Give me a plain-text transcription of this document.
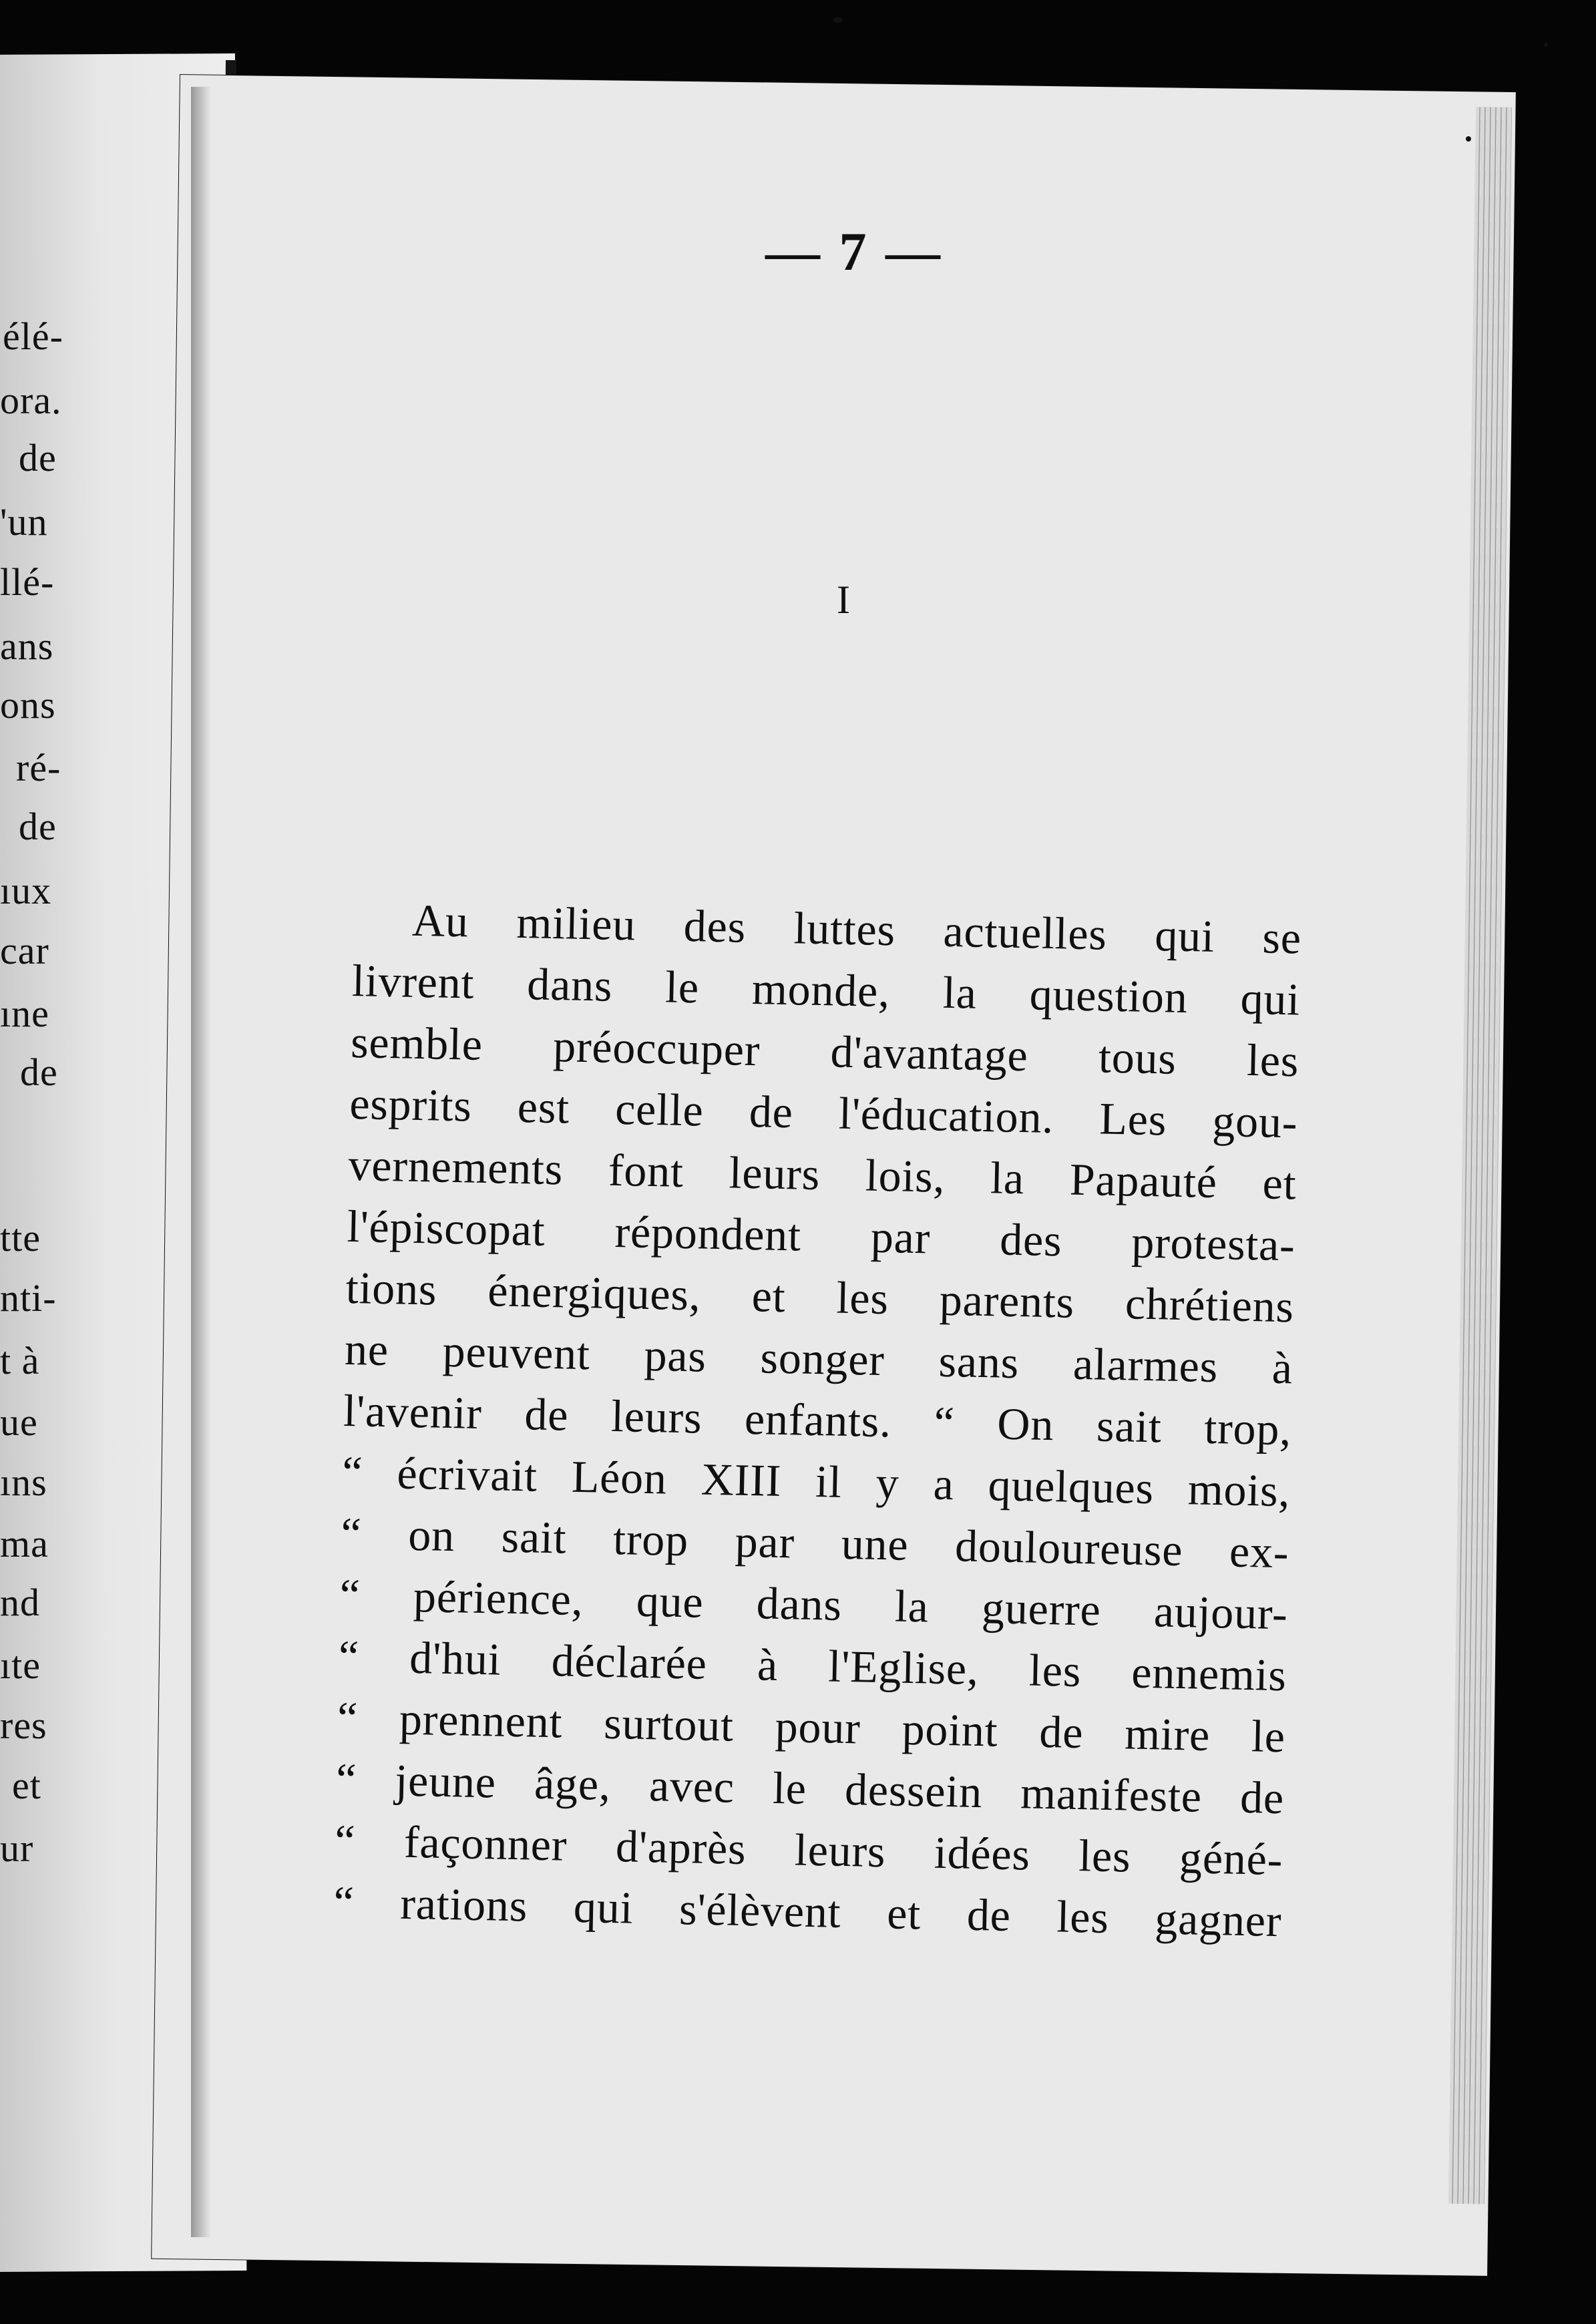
élé-
ora.
de
'un
llé-
ans
ons
ré-
de
ıux
car
ıne
de
tte
nti-
t à
ue
ıns
ma
nd
ıte
res
et
ur
— 7 —
I
Au milieu des luttes actuelles qui se
livrent dans le monde, la question qui
semble préoccuper d'avantage tous les
esprits est celle de l'éducation. Les gou-
vernements font leurs lois, la Papauté et
l'épiscopat répondent par des protesta-
tions énergiques, et les parents chrétiens
ne peuvent pas songer sans alarmes à
l'avenir de leurs enfants. “ On sait trop,
“ écrivait Léon XIII il y a quelques mois,
“ on sait trop par une douloureuse ex-
“ périence, que dans la guerre aujour-
“ d'hui déclarée à l'Eglise, les ennemis
“ prennent surtout pour point de mire le
“ jeune âge, avec le dessein manifeste de
“ façonner d'après leurs idées les géné-
“ rations qui s'élèvent et de les gagner
